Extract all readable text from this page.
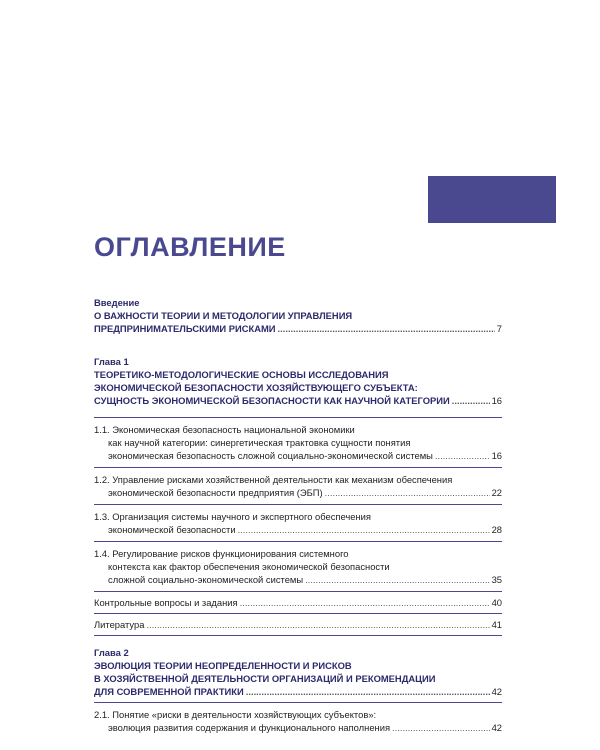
ОГЛАВЛЕНИЕ
Введение
О ВАЖНОСТИ ТЕОРИИ И МЕТОДОЛОГИИ УПРАВЛЕНИЯ
ПРЕДПРИНИМАТЕЛЬСКИМИ РИСКАМИ .....	7
Глава 1
ТЕОРЕТИКО-МЕТОДОЛОГИЧЕСКИЕ ОСНОВЫ ИССЛЕДОВАНИЯ
ЭКОНОМИЧЕСКОЙ БЕЗОПАСНОСТИ ХОЗЯЙСТВУЮЩЕГО СУБЪЕКТА:
СУЩНОСТЬ ЭКОНОМИЧЕСКОЙ БЕЗОПАСНОСТИ КАК НАУЧНОЙ КАТЕГОРИИ .....	16
1.1. Экономическая безопасность национальной экономики
как научной категории: синергетическая трактовка сущности понятия
экономическая безопасность сложной социально-экономической системы .....	16
1.2. Управление рисками хозяйственной деятельности как механизм обеспечения
экономической безопасности предприятия (ЭБП) .....	22
1.3. Организация системы научного и экспертного обеспечения
экономической безопасности .....	28
1.4. Регулирование рисков функционирования системного
контекста как фактор обеспечения экономической безопасности
сложной социально-экономической системы .....	35
Контрольные вопросы и задания .....	40
Литература .....	41
Глава 2
ЭВОЛЮЦИЯ ТЕОРИИ НЕОПРЕДЕЛЕННОСТИ И РИСКОВ
В ХОЗЯЙСТВЕННОЙ ДЕЯТЕЛЬНОСТИ ОРГАНИЗАЦИЙ И РЕКОМЕНДАЦИИ
ДЛЯ СОВРЕМЕННОЙ ПРАКТИКИ .....	42
2.1. Понятие «риски в деятельности хозяйствующих субъектов»:
эволюция развития содержания и функционального наполнения .....	42
